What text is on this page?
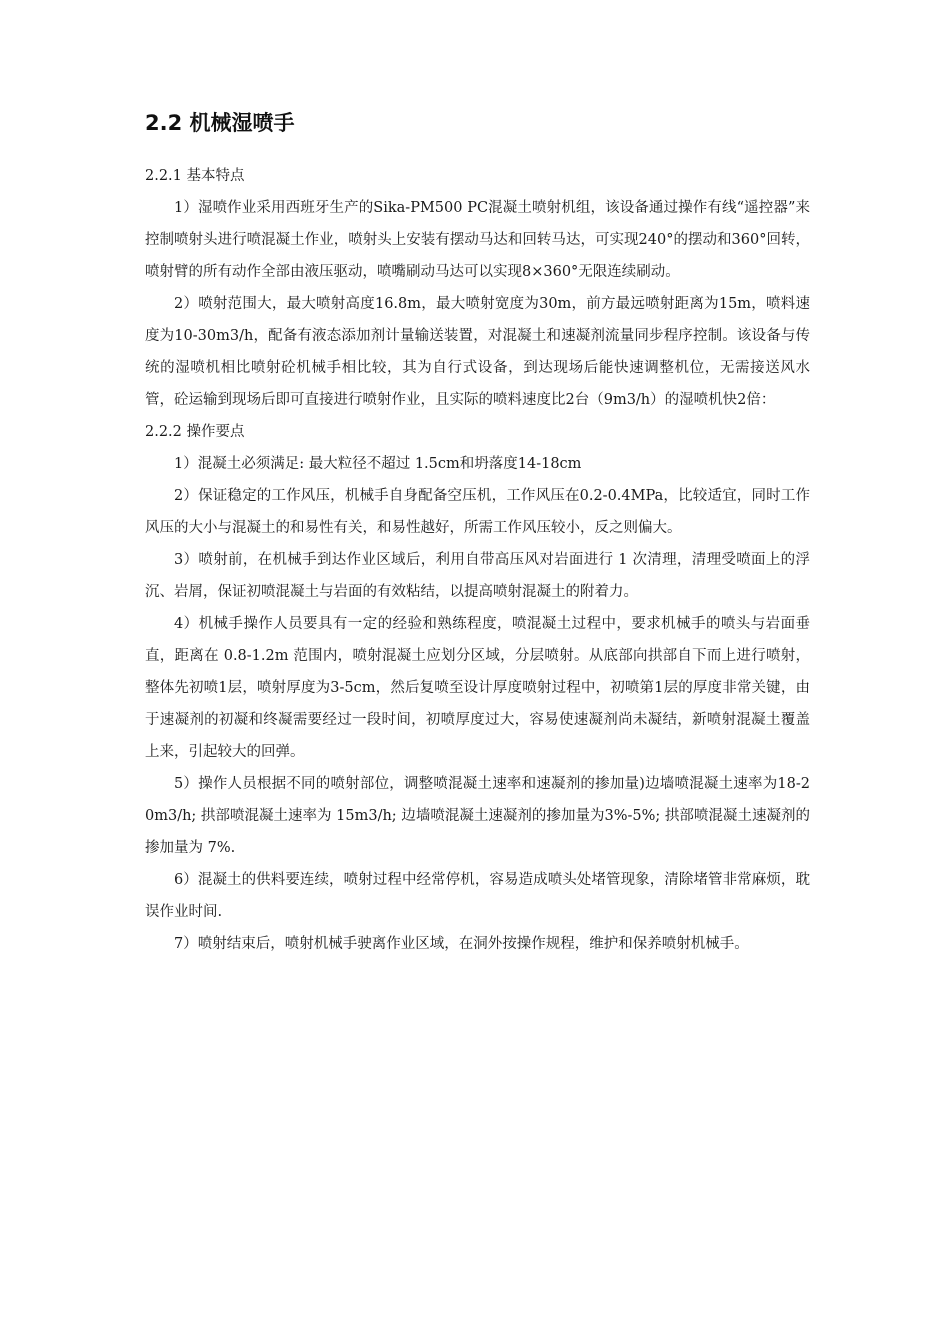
2.2 机械湿喷手

2.2.1 基本特点

1）湿喷作业采用西班牙生产的Sika-PM500 PC混凝土喷射机组，该设备通过操作有线“遥控器”来控制喷射头进行喷混凝土作业，喷射头上安装有摆动马达和回转马达，可实现240°的摆动和360°回转，喷射臂的所有动作全部由液压驱动，喷嘴刷动马达可以实现8×360°无限连续刷动。

2）喷射范围大，最大喷射高度16.8m，最大喷射宽度为30m，前方最远喷射距离为15m，喷料速度为10-30m3/h，配备有液态添加剂计量输送装置，对混凝土和速凝剂流量同步程序控制。该设备与传统的湿喷机相比喷射砼机械手相比较，其为自行式设备，到达现场后能快速调整机位，无需接送风水管，砼运输到现场后即可直接进行喷射作业，且实际的喷料速度比2台（9m3/h）的湿喷机快2倍：

2.2.2 操作要点

1）混凝土必须满足: 最大粒径不超过 1.5cm和坍落度14-18cm

2）保证稳定的工作风压，机械手自身配备空压机，工作风压在0.2-0.4MPa，比较适宜，同时工作风压的大小与混凝土的和易性有关，和易性越好，所需工作风压较小，反之则偏大。

3）喷射前，在机械手到达作业区域后，利用自带高压风对岩面进行 1 次清理，清理受喷面上的浮沉、岩屑，保证初喷混凝土与岩面的有效粘结，以提高喷射混凝土的附着力。

4）机械手操作人员要具有一定的经验和熟练程度，喷混凝土过程中，要求机械手的喷头与岩面垂直，距离在 0.8-1.2m 范围内，喷射混凝土应划分区域，分层喷射。从底部向拱部自下而上进行喷射，整体先初喷1层，喷射厚度为3-5cm，然后复喷至设计厚度喷射过程中，初喷第1层的厚度非常关键，由于速凝剂的初凝和终凝需要经过一段时间，初喷厚度过大，容易使速凝剂尚未凝结，新喷射混凝土覆盖上来，引起较大的回弹。

5）操作人员根据不同的喷射部位，调整喷混凝土速率和速凝剂的掺加量)边墙喷混凝土速率为18-20m3/h; 拱部喷混凝土速率为 15m3/h; 边墙喷混凝土速凝剂的掺加量为3%-5%; 拱部喷混凝土速凝剂的掺加量为 7%.

6）混凝土的供料要连续，喷射过程中经常停机，容易造成喷头处堵管现象，清除堵管非常麻烦，耽误作业时间.

7）喷射结束后，喷射机械手驶离作业区域，在洞外按操作规程，维护和保养喷射机械手。
